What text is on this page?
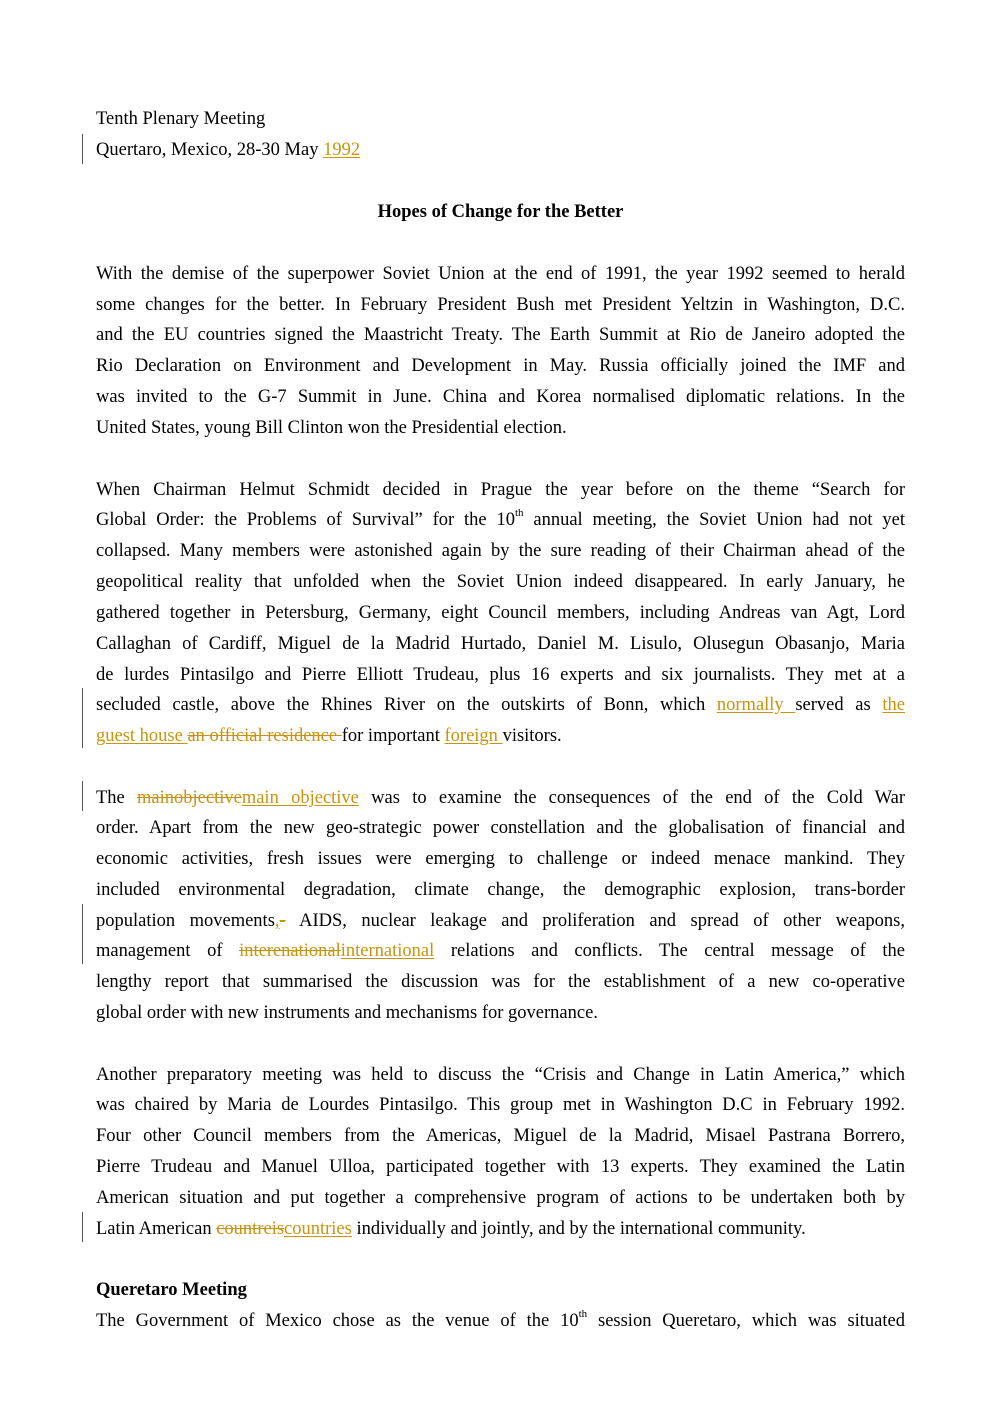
Tenth Plenary Meeting
Quertaro, Mexico, 28-30 May 1992
Hopes of Change for the Better
With the demise of the superpower Soviet Union at the end of 1991, the year 1992 seemed to herald
some changes for the better. In February President Bush met President Yeltzin in Washington, D.C.
and the EU countries signed the Maastricht Treaty. The Earth Summit at Rio de Janeiro adopted the
Rio Declaration on Environment and Development in May. Russia officially joined the IMF and
was invited to the G-7 Summit in June. China and Korea normalised diplomatic relations. In the
United States, young Bill Clinton won the Presidential election.
When Chairman Helmut Schmidt decided in Prague the year before on the theme “Search for
Global Order: the Problems of Survival” for the 10th annual meeting, the Soviet Union had not yet
collapsed. Many members were astonished again by the sure reading of their Chairman ahead of the
geopolitical reality that unfolded when the Soviet Union indeed disappeared. In early January, he
gathered together in Petersburg, Germany, eight Council members, including Andreas van Agt, Lord
Callaghan of Cardiff, Miguel de la Madrid Hurtado, Daniel M. Lisulo, Olusegun Obasanjo, Maria
de lurdes Pintasilgo and Pierre Elliott Trudeau, plus 16 experts and six journalists. They met at a
secluded castle, above the Rhines River on the outskirts of Bonn, which normally served as the
guest house an official residence for important foreign visitors.
The mainobjectivemain objective was to examine the consequences of the end of the Cold War
order. Apart from the new geo-strategic power constellation and the globalisation of financial and
economic activities, fresh issues were emerging to challenge or indeed menace mankind. They
included environmental degradation, climate change, the demographic explosion, trans-border
population movements,- AIDS, nuclear leakage and proliferation and spread of other weapons,
management of interenationalinternational relations and conflicts. The central message of the
lengthy report that summarised the discussion was for the establishment of a new co-operative
global order with new instruments and mechanisms for governance.
Another preparatory meeting was held to discuss the “Crisis and Change in Latin America,” which
was chaired by Maria de Lourdes Pintasilgo. This group met in Washington D.C in February 1992.
Four other Council members from the Americas, Miguel de la Madrid, Misael Pastrana Borrero,
Pierre Trudeau and Manuel Ulloa, participated together with 13 experts. They examined the Latin
American situation and put together a comprehensive program of actions to be undertaken both by
Latin American countreiscountries individually and jointly, and by the international community.
Queretaro Meeting
The Government of Mexico chose as the venue of the 10th session Queretaro, which was situated
